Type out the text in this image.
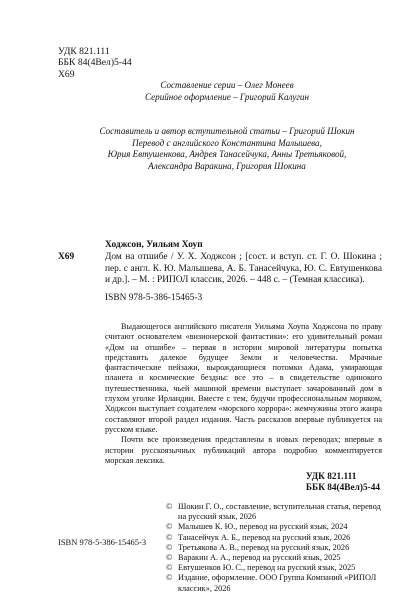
УДК 821.111
ББК 84(4Вел)5-44
Х69
Составление серии – Олег Монеев
Серийное оформление – Григорий Калугин
Составитель и автор вступительной статьи – Григорий Шокин
Перевод с английского Константина Малышева,
Юрия Евтушенкова, Андрея Танасейчука, Анны Третьяковой,
Александра Варакина, Григория Шокина
Ходжсон, Уильям Хоуп
Х69	Дом на отшибе / У. Х. Ходжсон ; [сост. и вступ. ст. Г. О. Шокина ; пер. с англ. К. Ю. Малышева, А. Б. Танасейчука, Ю. С. Евтушенкова и др.]. – М. : РИПОЛ классик, 2026. – 448 с. – (Темная классика).
ISBN 978-5-386-15465-3

Выдающегося английского писателя Уильяма Хоупа Ходжсона по праву считают основателем «визионерской фантастики»: его удивительный роман «Дом на отшибе» – первая в истории мировой литературы попытка представить далекое будущее Земли и человечества. Мрачные фантастические пейзажи, вырождающиеся потомки Адама, умирающая планета и космические бездны: все это – в свидетельстве одинокого путешественника, чьей машиной времени выступает зачарованный дом в глухом уголке Ирландии. Вместе с тем, будучи профессиональным моряком, Ходжсон выступает создателем «морского хоррора»: жемчужины этого жанра составляют второй раздел издания. Часть рассказов впервые публикуется на русском языке.

Почти все произведения представлены в новых переводах; впервые в истории русскоязычных публикаций автора подробно комментируется морская лексика.

УДК 821.111
ББК 84(4Вел)5-44
© Шокин Г. О., составление, вступительная статья, перевод на русский язык, 2026
© Малышев К. Ю., перевод на русский язык, 2024
© Танасейчук А. Б., перевод на русский язык, 2026
© Третьякова А. В., перевод на русский язык, 2026
© Варакин А. А., перевод на русский язык, 2025
© Евтушенков Ю. С., перевод на русский язык, 2025
© Издание, оформление. ООО Группа Компаний «РИПОЛ классик», 2026
ISBN 978-5-386-15465-3
